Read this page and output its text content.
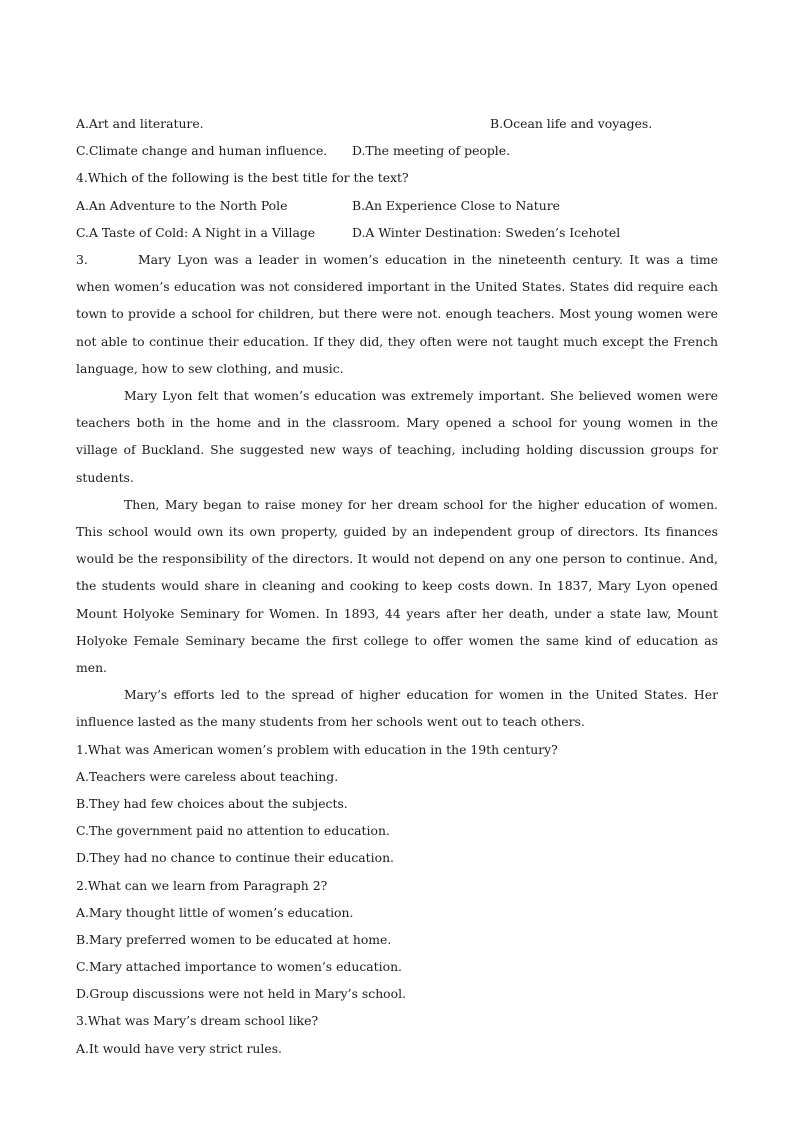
A.Art and literature.	B.Ocean life and voyages.
C.Climate change and human influence.	D.The meeting of people.
4.Which of the following is the best title for the text?
A.An Adventure to the North Pole	B.An Experience Close to Nature
C.A Taste of Cold: A Night in a Village	D.A Winter Destination: Sweden’s Icehotel

3.	Mary Lyon was a leader in women’s education in the nineteenth century. It was a time when women’s education was not considered important in the United States. States did require each town to provide a school for children, but there were not. enough teachers. Most young women were not able to continue their education. If they did, they often were not taught much except the French language, how to sew clothing, and music.

Mary Lyon felt that women’s education was extremely important. She believed women were teachers both in the home and in the classroom. Mary opened a school for young women in the village of Buckland. She suggested new ways of teaching, including holding discussion groups for students.

Then, Mary began to raise money for her dream school for the higher education of women. This school would own its own property, guided by an independent group of directors. Its finances would be the responsibility of the directors. It would not depend on any one person to continue. And, the students would share in cleaning and cooking to keep costs down. In 1837, Mary Lyon opened Mount Holyoke Seminary for Women. In 1893, 44 years after her death, under a state law, Mount Holyoke Female Seminary became the first college to offer women the same kind of education as men.

Mary’s efforts led to the spread of higher education for women in the United States. Her influence lasted as the many students from her schools went out to teach others.

1.What was American women’s problem with education in the 19th century?
A.Teachers were careless about teaching.
B.They had few choices about the subjects.
C.The government paid no attention to education.
D.They had no chance to continue their education.
2.What can we learn from Paragraph 2?
A.Mary thought little of women’s education.
B.Mary preferred women to be educated at home.
C.Mary attached importance to women’s education.
D.Group discussions were not held in Mary’s school.
3.What was Mary’s dream school like?
A.It would have very strict rules.
